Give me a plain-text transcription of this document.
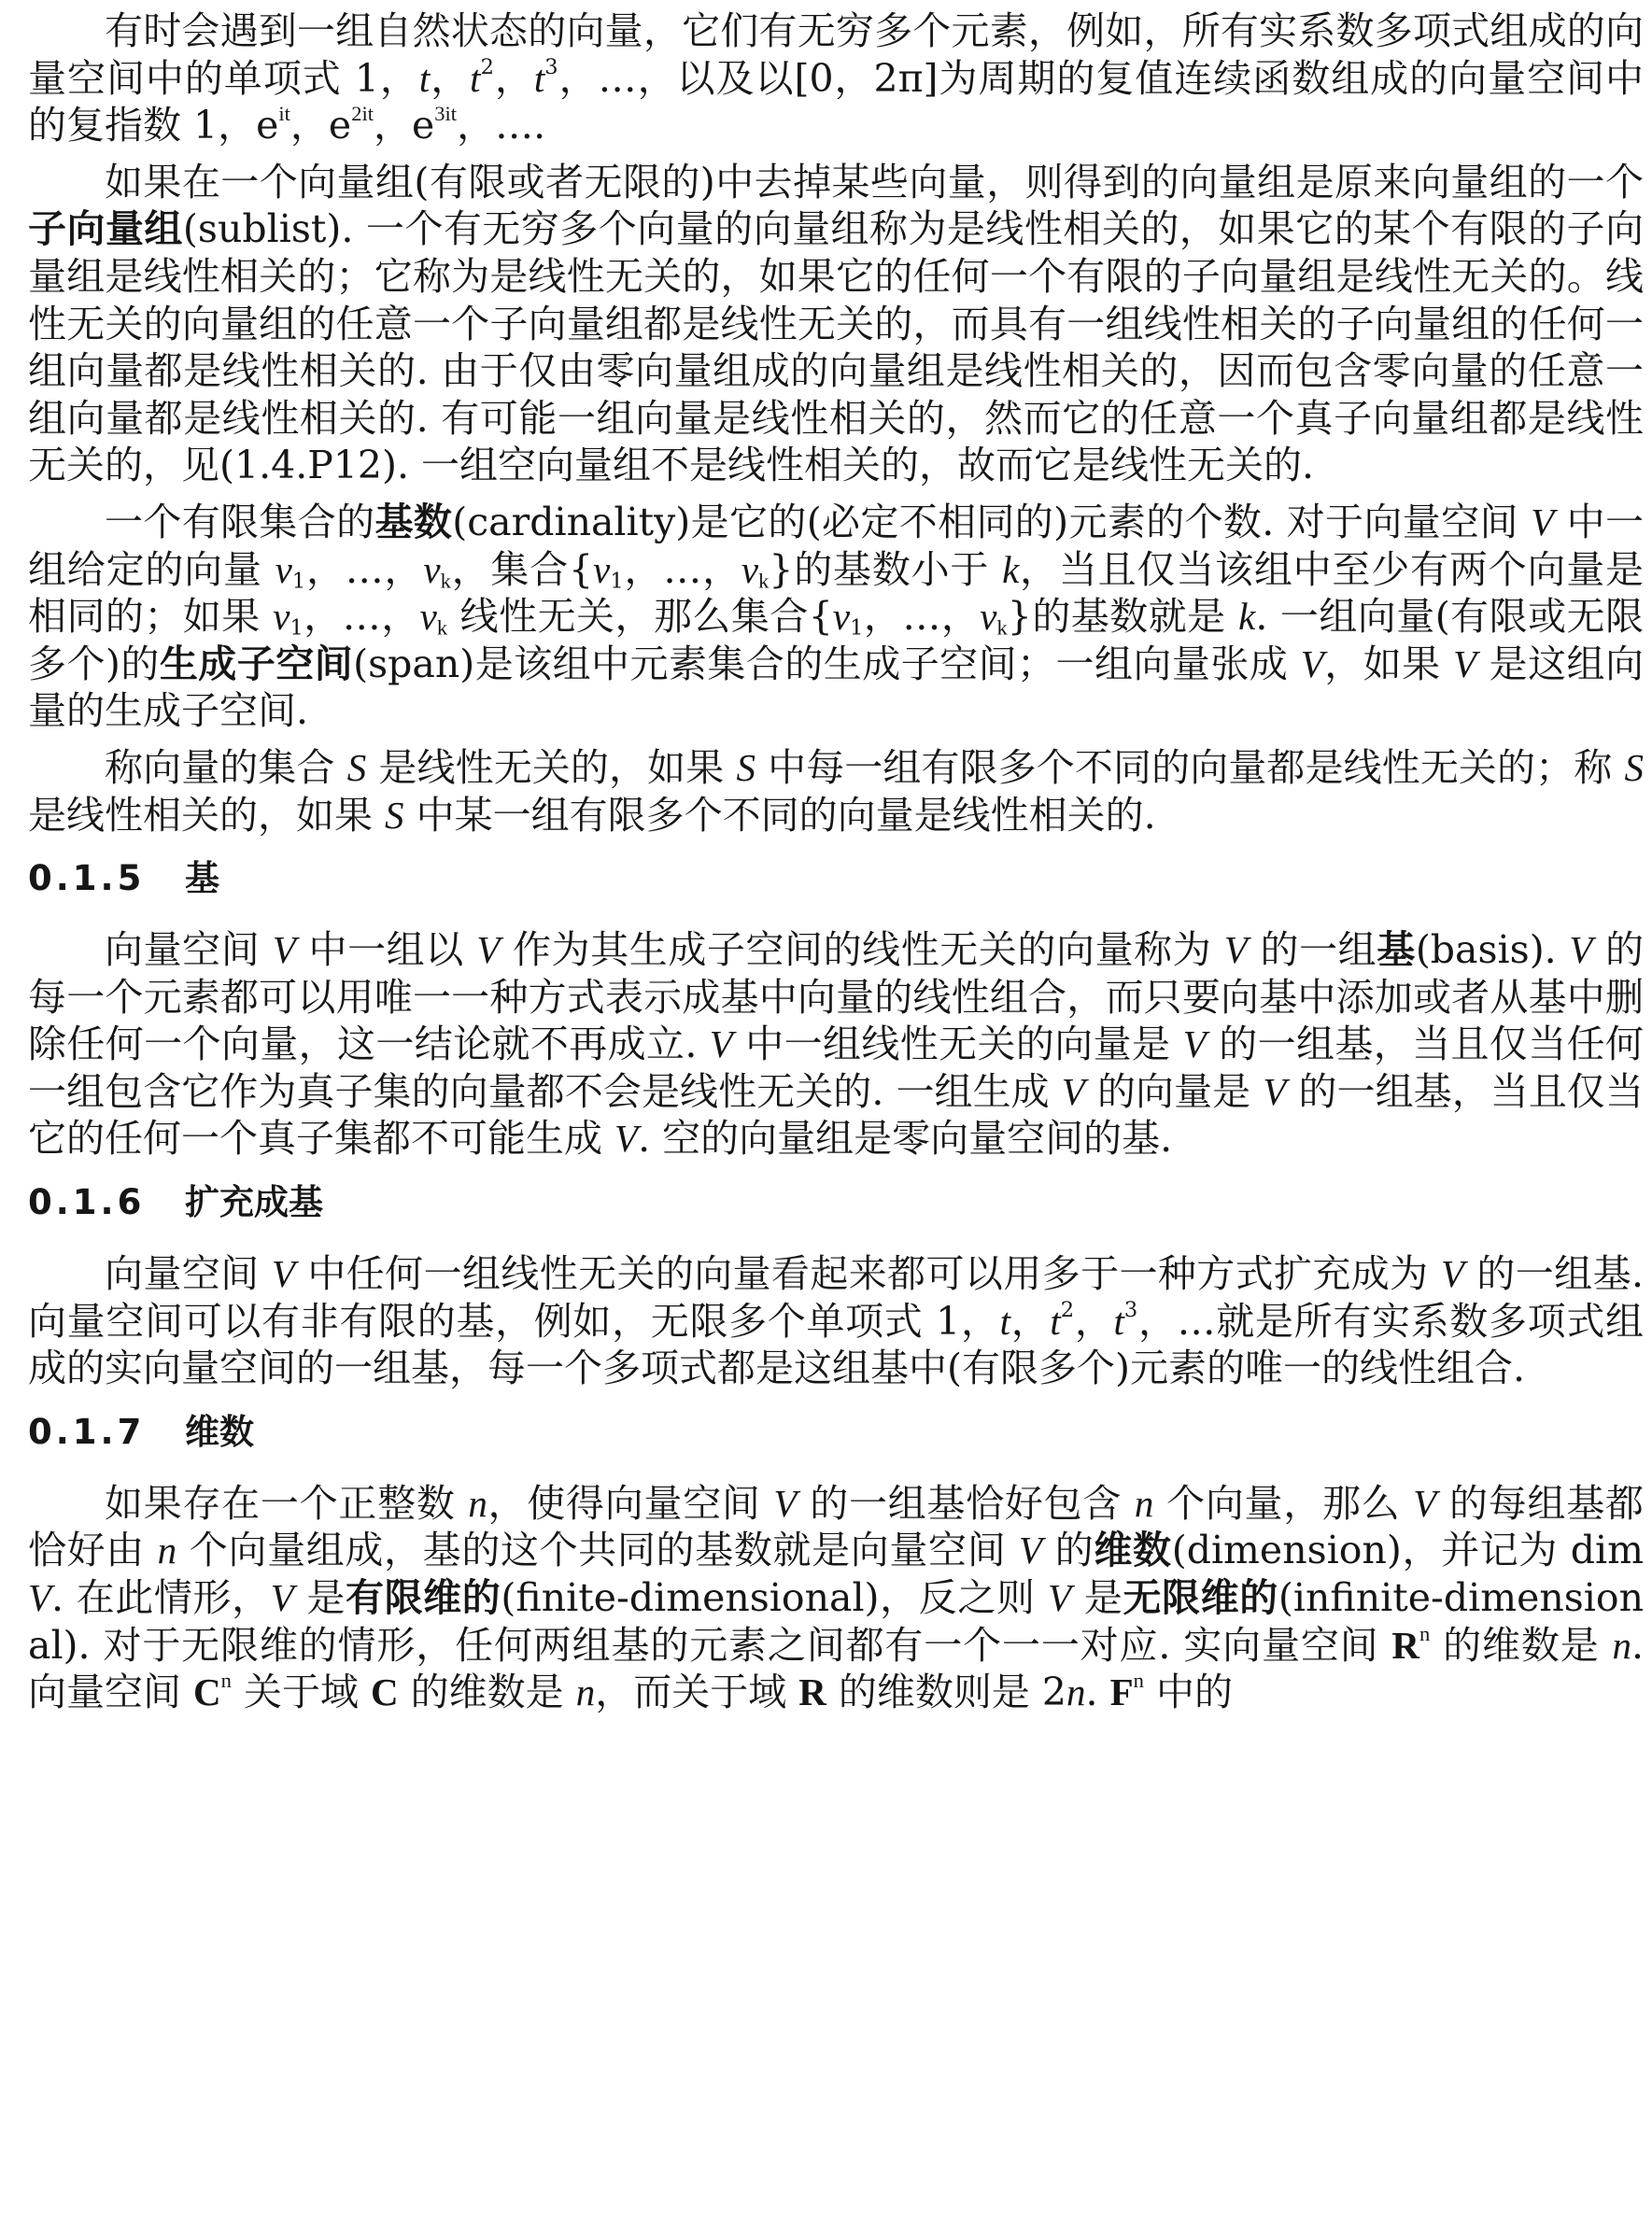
有时会遇到一组自然状态的向量，它们有无穷多个元素，例如，所有实系数多项式组成的向量空间中的单项式 1，t，$t^2$，$t^3$，…，以及以[0，2π]为周期的复值连续函数组成的向量空间中的复指数 1，$e^{it}$，$e^{2it}$，$e^{3it}$，….

如果在一个向量组(有限或者无限的)中去掉某些向量，则得到的向量组是原来向量组的一个子向量组(sublist). 一个有无穷多个向量的向量组称为是线性相关的，如果它的某个有限的子向量组是线性相关的；它称为是线性无关的，如果它的任何一个有限的子向量组是线性无关的。线性无关的向量组的任意一个子向量组都是线性无关的，而具有一组线性相关的子向量组的任何一组向量都是线性相关的. 由于仅由零向量组成的向量组是线性相关的，因而包含零向量的任意一组向量都是线性相关的. 有可能一组向量是线性相关的，然而它的任意一个真子向量组都是线性无关的，见(1.4.P12). 一组空向量组不是线性相关的，故而它是线性无关的.

一个有限集合的基数(cardinality)是它的(必定不相同的)元素的个数. 对于向量空间 V 中一组给定的向量 $v_1$，…，$v_k$，集合{$v_1$，…，$v_k$}的基数小于 k，当且仅当该组中至少有两个向量是相同的；如果 $v_1$，…，$v_k$ 线性无关，那么集合{$v_1$，…，$v_k$}的基数就是 k. 一组向量(有限或无限多个)的生成子空间(span)是该组中元素集合的生成子空间；一组向量张成 V，如果 V 是这组向量的生成子空间.

称向量的集合 S 是线性无关的，如果 S 中每一组有限多个不同的向量都是线性无关的；称 S 是线性相关的，如果 S 中某一组有限多个不同的向量是线性相关的.

0.1.5	基

向量空间 V 中一组以 V 作为其生成子空间的线性无关的向量称为 V 的一组基(basis). V 的每一个元素都可以用唯一一种方式表示成基中向量的线性组合，而只要向基中添加或者从基中删除任何一个向量，这一结论就不再成立. V 中一组线性无关的向量是 V 的一组基，当且仅当任何一组包含它作为真子集的向量都不会是线性无关的. 一组生成 V 的向量是 V 的一组基，当且仅当它的任何一个真子集都不可能生成 V. 空的向量组是零向量空间的基.

0.1.6	扩充成基

向量空间 V 中任何一组线性无关的向量看起来都可以用多于一种方式扩充成为 V 的一组基. 向量空间可以有非有限的基，例如，无限多个单项式 1，t，$t^2$，$t^3$，…就是所有实系数多项式组成的实向量空间的一组基，每一个多项式都是这组基中(有限多个)元素的唯一的线性组合.

0.1.7	维数

如果存在一个正整数 n，使得向量空间 V 的一组基恰好包含 n 个向量，那么 V 的每组基都恰好由 n 个向量组成，基的这个共同的基数就是向量空间 V 的维数(dimension)，并记为 dim V. 在此情形，V 是有限维的(finite-dimensional)，反之则 V 是无限维的(infinite-dimensional). 对于无限维的情形，任何两组基的元素之间都有一个一一对应. 实向量空间 $R^n$ 的维数是 n. 向量空间 $C^n$ 关于域 C 的维数是 n，而关于域 R 的维数则是 2n. $F^n$ 中的
